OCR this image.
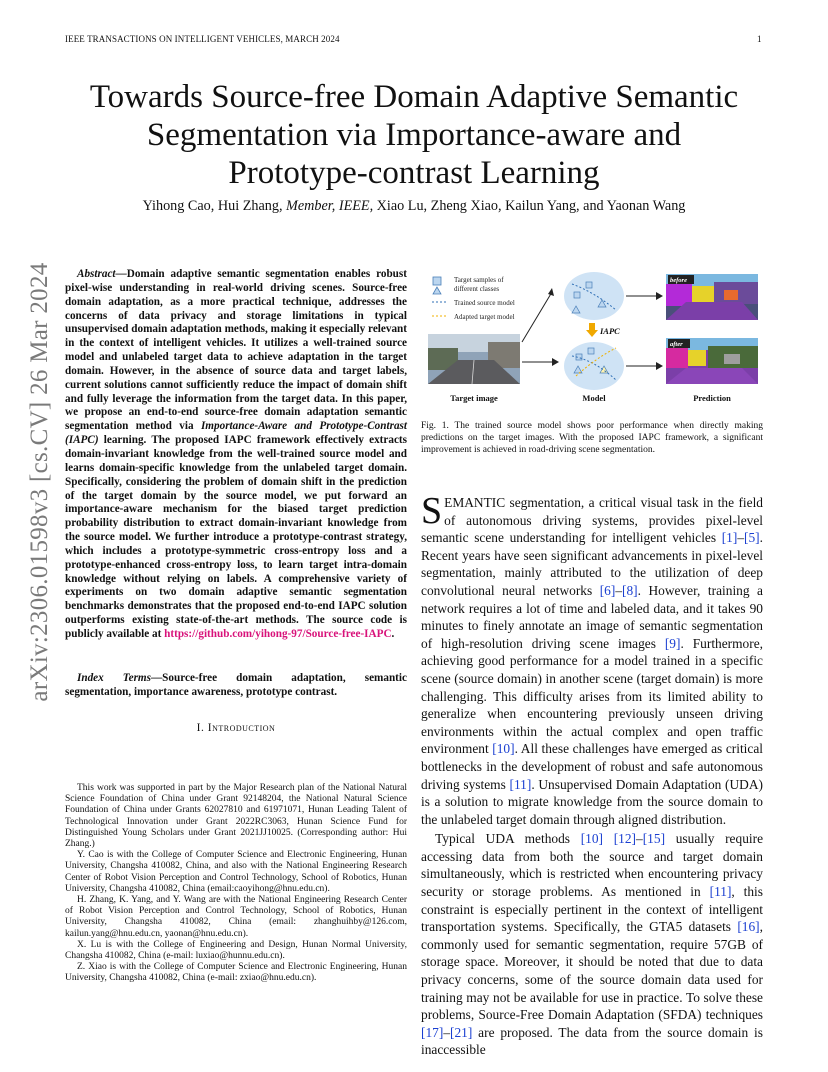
IEEE TRANSACTIONS ON INTELLIGENT VEHICLES, MARCH 2024	1
arXiv:2306.01598v3 [cs.CV] 26 Mar 2024
Towards Source-free Domain Adaptive Semantic
Segmentation via Importance-aware and
Prototype-contrast Learning
Yihong Cao, Hui Zhang, Member, IEEE, Xiao Lu, Zheng Xiao, Kailun Yang, and Yaonan Wang
Abstract—Domain adaptive semantic segmentation enables robust pixel-wise understanding in real-world driving scenes. Source-free domain adaptation, as a more practical technique, addresses the concerns of data privacy and storage limitations in typical unsupervised domain adaptation methods, making it especially relevant in the context of intelligent vehicles. It utilizes a well-trained source model and unlabeled target data to achieve adaptation in the target domain. However, in the absence of source data and target labels, current solutions cannot sufficiently reduce the impact of domain shift and fully leverage the information from the target data. In this paper, we propose an end-to-end source-free domain adaptation semantic segmentation method via Importance-Aware and Prototype-Contrast (IAPC) learning. The proposed IAPC framework effectively extracts domain-invariant knowledge from the well-trained source model and learns domain-specific knowledge from the unlabeled target domain. Specifically, considering the problem of domain shift in the prediction of the target domain by the source model, we put forward an importance-aware mechanism for the biased target prediction probability distribution to extract domain-invariant knowledge from the source model. We further introduce a prototype-contrast strategy, which includes a prototype-symmetric cross-entropy loss and a prototype-enhanced cross-entropy loss, to learn target intra-domain knowledge without relying on labels. A comprehensive variety of experiments on two domain adaptive semantic segmentation benchmarks demonstrates that the proposed end-to-end IAPC solution outperforms existing state-of-the-art methods. The source code is publicly available at https://github.com/yihong-97/Source-free-IAPC.
Index Terms—Source-free domain adaptation, semantic segmentation, importance awareness, prototype contrast.
I. Introduction

This work was supported in part by the Major Research plan of the National Natural Science Foundation of China under Grant 92148204, the National Natural Science Foundation of China under Grants 62027810 and 61971071, Hunan Leading Talent of Technological Innovation under Grant 2022RC3063, Hunan Science Fund for Distinguished Young Scholars under Grant 2021JJ10025. (Corresponding author: Hui Zhang.)

Y. Cao is with the College of Computer Science and Electronic Engineering, Hunan University, Changsha 410082, China, and also with the National Engineering Research Center of Robot Vision Perception and Control Technology, School of Robotics, Hunan University, Changsha 410082, China (email:caoyihong@hnu.edu.cn).

H. Zhang, K. Yang, and Y. Wang are with the National Engineering Research Center of Robot Vision Perception and Control Technology, School of Robotics, Hunan University, Changsha 410082, China (email: zhanghuihby@126.com, kailun.yang@hnu.edu.cn, yaonan@hnu.edu.cn).

X. Lu is with the College of Engineering and Design, Hunan Normal University, Changsha 410082, China (e-mail: luxiao@hunnu.edu.cn).

Z. Xiao is with the College of Computer Science and Electronic Engineering, Hunan University, Changsha 410082, China (e-mail: zxiao@hnu.edu.cn).

Target samples of
different classes
Trained source model
Adapted target model
IAPC
before
after
Target image	Model	Prediction
Fig. 1. The trained source model shows poor performance when directly making predictions on the target images. With the proposed IAPC framework, a significant improvement is achieved in road-driving scene segmentation.

SEMANTIC segmentation, a critical visual task in the field of autonomous driving systems, provides pixel-level semantic scene understanding for intelligent vehicles [1]–[5]. Recent years have seen significant advancements in pixel-level segmentation, mainly attributed to the utilization of deep convolutional neural networks [6]–[8]. However, training a network requires a lot of time and labeled data, and it takes 90 minutes to finely annotate an image of semantic segmentation of high-resolution driving scene images [9]. Furthermore, achieving good performance for a model trained in a specific scene (source domain) in another scene (target domain) is more challenging. This difficulty arises from its limited ability to generalize when encountering previously unseen driving environments within the actual complex and open traffic environment [10]. All these challenges have emerged as critical bottlenecks in the development of robust and safe autonomous driving systems [11]. Unsupervised Domain Adaptation (UDA) is a solution to migrate knowledge from the source domain to the unlabeled target domain through aligned distribution.

Typical UDA methods [10] [12]–[15] usually require accessing data from both the source and target domain simultaneously, which is restricted when encountering privacy security or storage problems. As mentioned in [11], this constraint is especially pertinent in the context of intelligent transportation systems. Specifically, the GTA5 datasets [16], commonly used for semantic segmentation, require 57GB of storage space. Moreover, it should be noted that due to data privacy concerns, some of the source domain data used for training may not be available for use in practice. To solve these problems, Source-Free Domain Adaptation (SFDA) techniques [17]–[21] are proposed. The data from the source domain is inaccessible
